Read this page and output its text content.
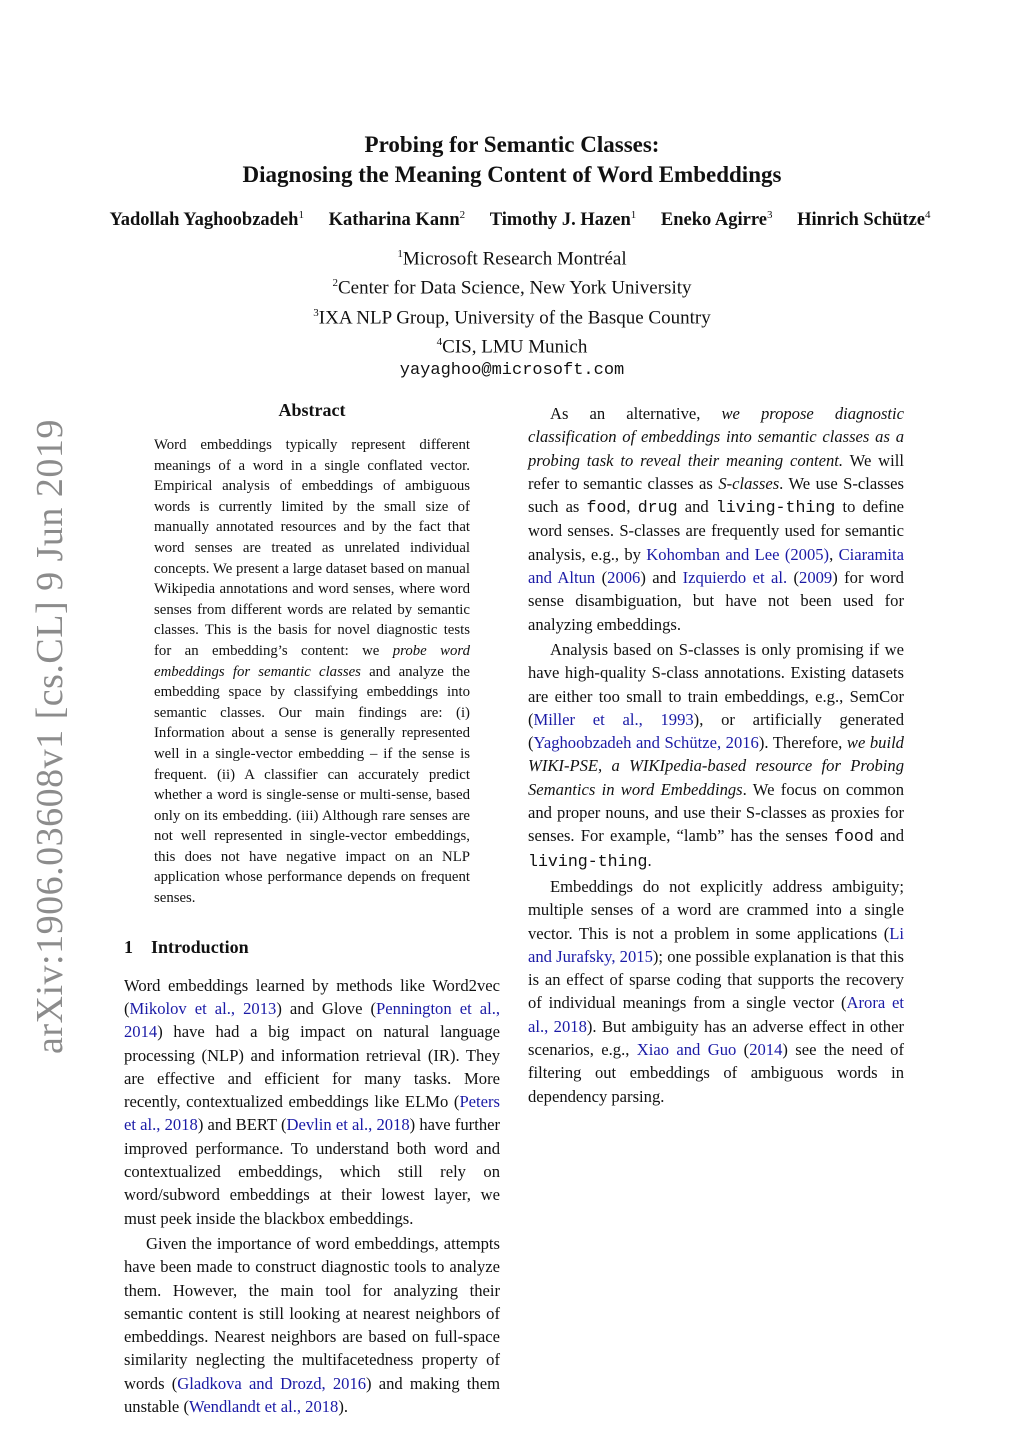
arXiv:1906.03608v1 [cs.CL] 9 Jun 2019
Probing for Semantic Classes:
Diagnosing the Meaning Content of Word Embeddings
Yadollah Yaghoobzadeh$^1$ Katharina Kann$^2$ Timothy J. Hazen$^1$ Eneko Agirre$^3$ Hinrich Schütze$^4$
$^1$Microsoft Research Montréal
$^2$Center for Data Science, New York University
$^3$IXA NLP Group, University of the Basque Country
$^4$CIS, LMU Munich
yayaghoo@microsoft.com
Abstract
Word embeddings typically represent different meanings of a word in a single conflated vector. Empirical analysis of embeddings of ambiguous words is currently limited by the small size of manually annotated resources and by the fact that word senses are treated as unrelated individual concepts. We present a large dataset based on manual Wikipedia annotations and word senses, where word senses from different words are related by semantic classes. This is the basis for novel diagnostic tests for an embedding’s content: we probe word embeddings for semantic classes and analyze the embedding space by classifying embeddings into semantic classes. Our main findings are: (i) Information about a sense is generally represented well in a single-vector embedding – if the sense is frequent. (ii) A classifier can accurately predict whether a word is single-sense or multi-sense, based only on its embedding. (iii) Although rare senses are not well represented in single-vector embeddings, this does not have negative impact on an NLP application whose performance depends on frequent senses.
1 Introduction

Word embeddings learned by methods like Word2vec (Mikolov et al., 2013) and Glove (Pennington et al., 2014) have had a big impact on natural language processing (NLP) and information retrieval (IR). They are effective and efficient for many tasks. More recently, contextualized embeddings like ELMo (Peters et al., 2018) and BERT (Devlin et al., 2018) have further improved performance. To understand both word and contextualized embeddings, which still rely on word/subword embeddings at their lowest layer, we must peek inside the blackbox embeddings.

Given the importance of word embeddings, attempts have been made to construct diagnostic tools to analyze them. However, the main tool for analyzing their semantic content is still looking at nearest neighbors of embeddings. Nearest neighbors are based on full-space similarity neglecting the multifacetedness property of words (Gladkova and Drozd, 2016) and making them unstable (Wendlandt et al., 2018).

As an alternative, we propose diagnostic classification of embeddings into semantic classes as a probing task to reveal their meaning content. We will refer to semantic classes as S-classes. We use S-classes such as food, drug and living-thing to define word senses. S-classes are frequently used for semantic analysis, e.g., by Kohomban and Lee (2005), Ciaramita and Altun (2006) and Izquierdo et al. (2009) for word sense disambiguation, but have not been used for analyzing embeddings.

Analysis based on S-classes is only promising if we have high-quality S-class annotations. Existing datasets are either too small to train embeddings, e.g., SemCor (Miller et al., 1993), or artificially generated (Yaghoobzadeh and Schütze, 2016). Therefore, we build WIKI-PSE, a WIKIpedia-based resource for Probing Semantics in word Embeddings. We focus on common and proper nouns, and use their S-classes as proxies for senses. For example, “lamb” has the senses food and living-thing.

Embeddings do not explicitly address ambiguity; multiple senses of a word are crammed into a single vector. This is not a problem in some applications (Li and Jurafsky, 2015); one possible explanation is that this is an effect of sparse coding that supports the recovery of individual meanings from a single vector (Arora et al., 2018). But ambiguity has an adverse effect in other scenarios, e.g., Xiao and Guo (2014) see the need of filtering out embeddings of ambiguous words in dependency parsing.
